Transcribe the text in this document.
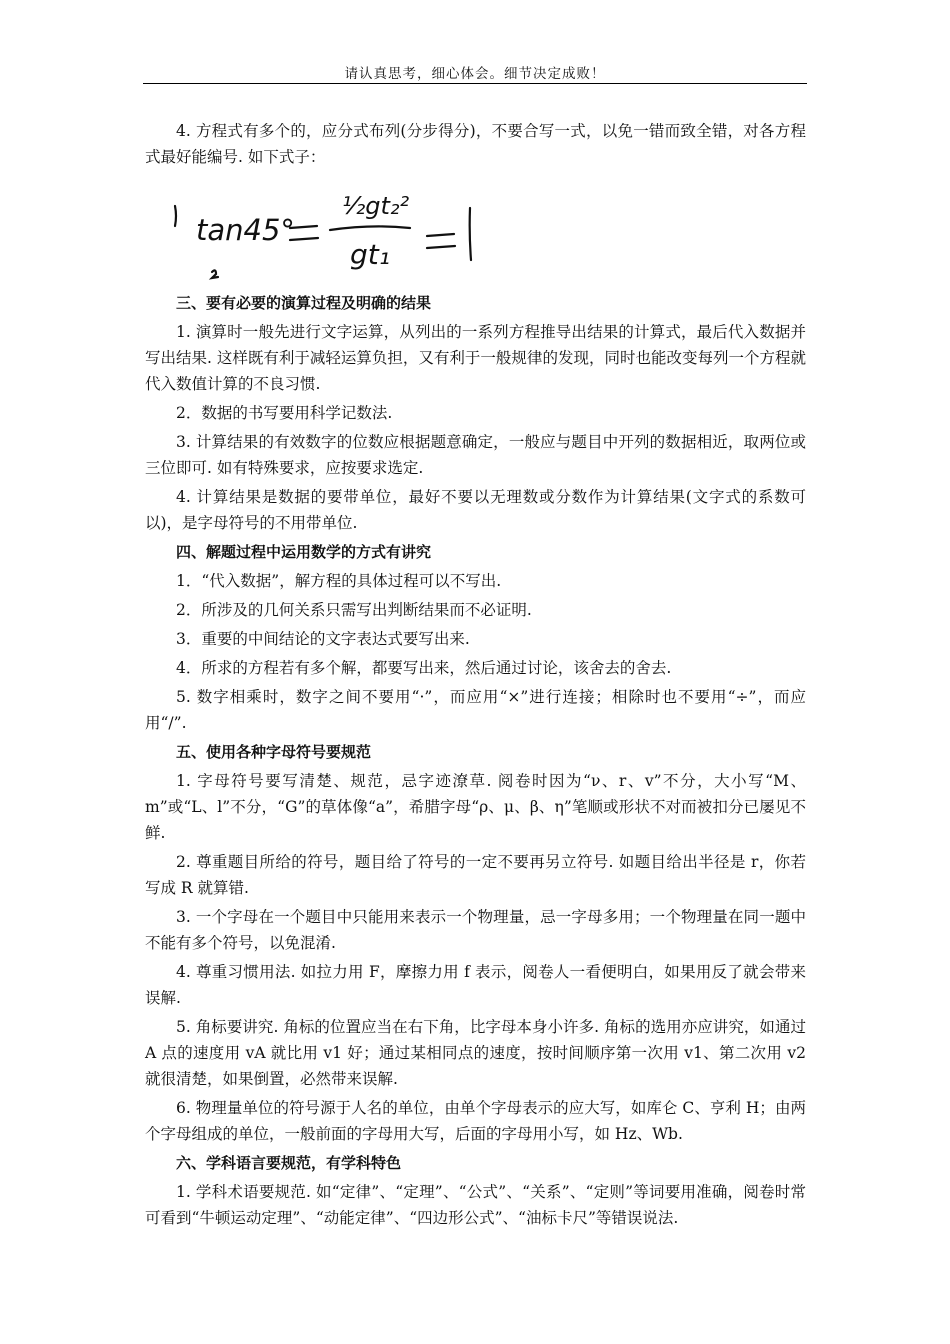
请认真思考，细心体会。细节决定成败！

4. 方程式有多个的，应分式布列(分步得分)，不要合写一式，以免一错而致全错，对各方程式最好能编号. 如下式子：

tan45°
½gt₂²
gt₁

三、要有必要的演算过程及明确的结果

1. 演算时一般先进行文字运算，从列出的一系列方程推导出结果的计算式，最后代入数据并写出结果. 这样既有利于减轻运算负担，又有利于一般规律的发现，同时也能改变每列一个方程就代入数值计算的不良习惯.

2．数据的书写要用科学记数法.

3. 计算结果的有效数字的位数应根据题意确定，一般应与题目中开列的数据相近，取两位或三位即可. 如有特殊要求，应按要求选定.

4. 计算结果是数据的要带单位，最好不要以无理数或分数作为计算结果(文字式的系数可以)，是字母符号的不用带单位.

四、解题过程中运用数学的方式有讲究

1．“代入数据”，解方程的具体过程可以不写出.

2．所涉及的几何关系只需写出判断结果而不必证明.

3．重要的中间结论的文字表达式要写出来.

4．所求的方程若有多个解，都要写出来，然后通过讨论，该舍去的舍去.

5. 数字相乘时，数字之间不要用“·”，而应用“×”进行连接；相除时也不要用“÷”，而应用“/”.

五、使用各种字母符号要规范

1. 字母符号要写清楚、规范，忌字迹潦草. 阅卷时因为“ν、r、v”不分，大小写“M、m”或“L、l”不分，“G”的草体像“a”，希腊字母“ρ、μ、β、η”笔顺或形状不对而被扣分已屡见不鲜.

2. 尊重题目所给的符号，题目给了符号的一定不要再另立符号. 如题目给出半径是 r，你若写成 R 就算错.

3. 一个字母在一个题目中只能用来表示一个物理量，忌一字母多用；一个物理量在同一题中不能有多个符号，以免混淆.

4. 尊重习惯用法. 如拉力用 F，摩擦力用 f 表示，阅卷人一看便明白，如果用反了就会带来误解.

5. 角标要讲究. 角标的位置应当在右下角，比字母本身小许多. 角标的选用亦应讲究，如通过 A 点的速度用 vA 就比用 v1 好；通过某相同点的速度，按时间顺序第一次用 v1、第二次用 v2 就很清楚，如果倒置，必然带来误解.

6. 物理量单位的符号源于人名的单位，由单个字母表示的应大写，如库仑 C、亨利 H；由两个字母组成的单位，一般前面的字母用大写，后面的字母用小写，如 Hz、Wb.

六、学科语言要规范，有学科特色

1. 学科术语要规范. 如“定律”、“定理”、“公式”、“关系”、“定则”等词要用准确，阅卷时常可看到“牛顿运动定理”、“动能定律”、“四边形公式”、“油标卡尺”等错误说法.
